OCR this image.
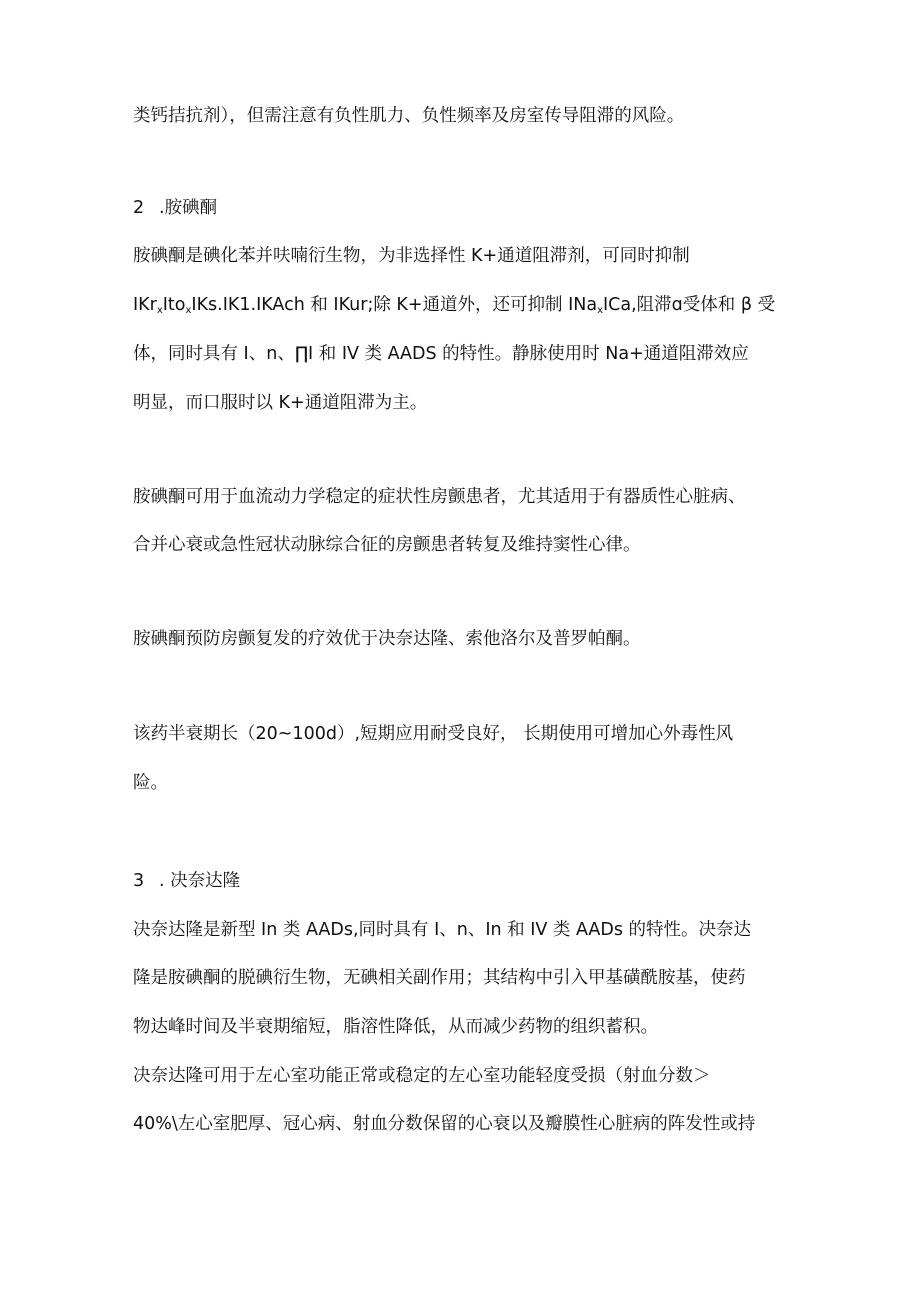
类钙拮抗剂），但需注意有负性肌力、负性频率及房室传导阻滞的风险。
2 .胺碘酮
胺碘酮是碘化苯并呋喃衍生物，为非选择性 K+通道阻滞剂，可同时抑制
IKr$_x$Ito$_x$IKs.IK1.IKAch 和 IKur;除 K+通道外，还可抑制 INa$_x$ICa,阻滞ɑ受体和 β 受
体，同时具有 I、n、∏I 和 IV 类 AADS 的特性。静脉使用时 Na+通道阻滞效应
明显，而口服时以 K+通道阻滞为主。
胺碘酮可用于血流动力学稳定的症状性房颤患者，尤其适用于有器质性心脏病、
合并心衰或急性冠状动脉综合征的房颤患者转复及维持窦性心律。
胺碘酮预防房颤复发的疗效优于决奈达隆、索他洛尔及普罗帕酮。
该药半衰期长（20~100d）,短期应用耐受良好， 长期使用可增加心外毒性风
险。
3 . 决奈达隆
决奈达隆是新型 In 类 AADs,同时具有 I、n、In 和 IV 类 AADs 的特性。决奈达
隆是胺碘酮的脱碘衍生物，无碘相关副作用；其结构中引入甲基磺酰胺基，使药
物达峰时间及半衰期缩短，脂溶性降低，从而减少药物的组织蓄积。
决奈达隆可用于左心室功能正常或稳定的左心室功能轻度受损（射血分数＞
40%\左心室肥厚、冠心病、射血分数保留的心衰以及瓣膜性心脏病的阵发性或持
